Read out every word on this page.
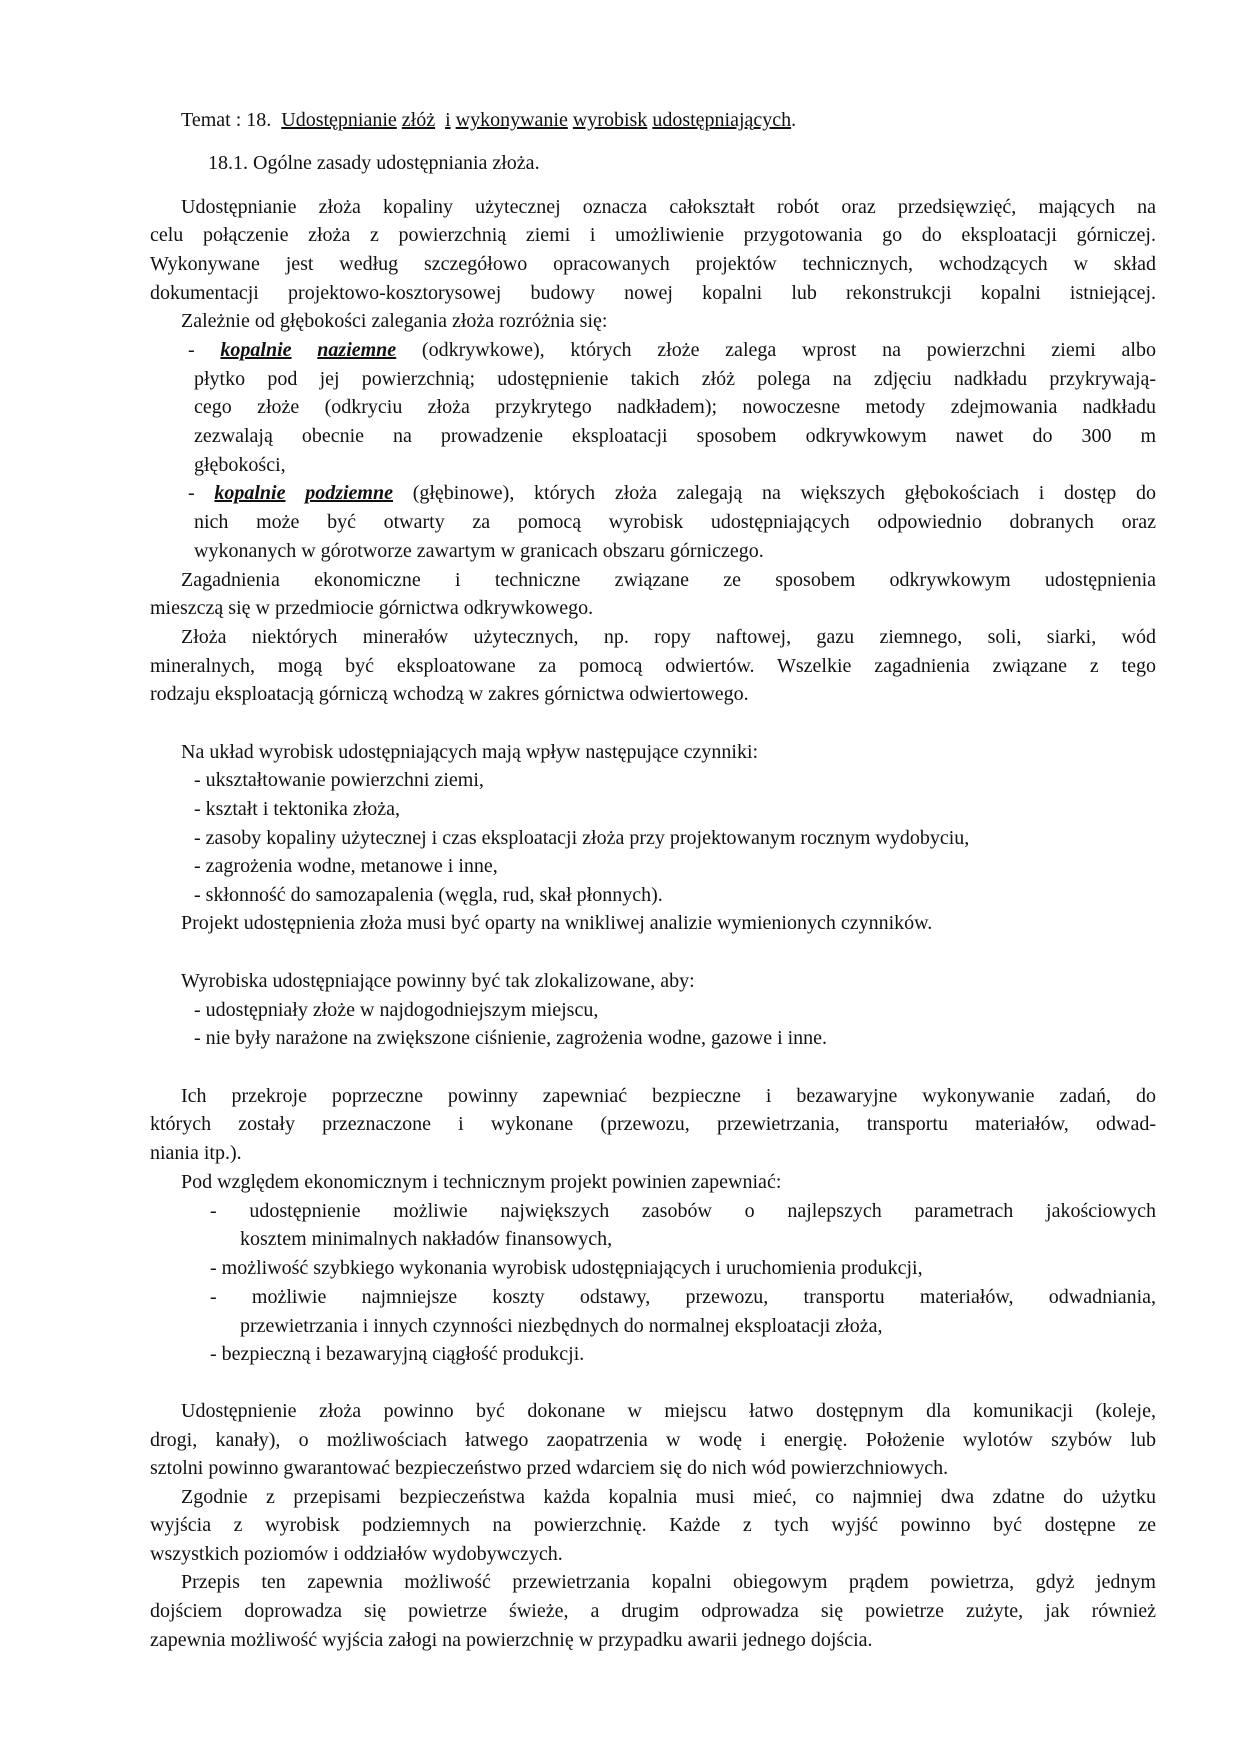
Temat : 18. Udostępnianie złóż i wykonywanie wyrobisk udostępniających.
18.1. Ogólne zasady udostępniania złoża.
- kopalnie naziemne (odkrywkowe), których złoże zalega wprost na powierzchni ziemi albo
- kopalnie podziemne (głębinowe), których złoża zalegają na większych głębokościach i dostęp do
Udostępnianie złoża kopaliny użytecznej oznacza całokształt robót oraz przedsięwzięć, mających na
celu połączenie złoża z powierzchnią ziemi i umożliwienie przygotowania go do eksploatacji górniczej.
Wykonywane jest według szczegółowo opracowanych projektów technicznych, wchodzących w skład
dokumentacji projektowo-kosztorysowej budowy nowej kopalni lub rekonstrukcji kopalni istniejącej.
Zależnie od głębokości zalegania złoża rozróżnia się:
płytko pod jej powierzchnią; udostępnienie takich złóż polega na zdjęciu nadkładu przykrywają-
cego złoże (odkryciu złoża przykrytego nadkładem); nowoczesne metody zdejmowania nadkładu
zezwalają obecnie na prowadzenie eksploatacji sposobem odkrywkowym nawet do 300 m
głębokości,
nich może być otwarty za pomocą wyrobisk udostępniających odpowiednio dobranych oraz
wykonanych w górotworze zawartym w granicach obszaru górniczego.
Zagadnienia ekonomiczne i techniczne związane ze sposobem odkrywkowym udostępnienia
mieszczą się w przedmiocie górnictwa odkrywkowego.
Złoża niektórych minerałów użytecznych, np. ropy naftowej, gazu ziemnego, soli, siarki, wód
mineralnych, mogą być eksploatowane za pomocą odwiertów. Wszelkie zagadnienia związane z tego
rodzaju eksploatacją górniczą wchodzą w zakres górnictwa odwiertowego.
Na układ wyrobisk udostępniających mają wpływ następujące czynniki:
- ukształtowanie powierzchni ziemi,
- kształt i tektonika złoża,
- zasoby kopaliny użytecznej i czas eksploatacji złoża przy projektowanym rocznym wydobyciu,
- zagrożenia wodne, metanowe i inne,
- skłonność do samozapalenia (węgla, rud, skał płonnych).
Projekt udostępnienia złoża musi być oparty na wnikliwej analizie wymienionych czynników.
Wyrobiska udostępniające powinny być tak zlokalizowane, aby:
- udostępniały złoże w najdogodniejszym miejscu,
- nie były narażone na zwiększone ciśnienie, zagrożenia wodne, gazowe i inne.
Ich przekroje poprzeczne powinny zapewniać bezpieczne i bezawaryjne wykonywanie zadań, do
których zostały przeznaczone i wykonane (przewozu, przewietrzania, transportu materiałów, odwad-
niania itp.).
Pod względem ekonomicznym i technicznym projekt powinien zapewniać:
- udostępnienie możliwie największych zasobów o najlepszych parametrach jakościowych
kosztem minimalnych nakładów finansowych,
- możliwość szybkiego wykonania wyrobisk udostępniających i uruchomienia produkcji,
- możliwie najmniejsze koszty odstawy, przewozu, transportu materiałów, odwadniania,
przewietrzania i innych czynności niezbędnych do normalnej eksploatacji złoża,
- bezpieczną i bezawaryjną ciągłość produkcji.
Udostępnienie złoża powinno być dokonane w miejscu łatwo dostępnym dla komunikacji (koleje,
drogi, kanały), o możliwościach łatwego zaopatrzenia w wodę i energię. Położenie wylotów szybów lub
sztolni powinno gwarantować bezpieczeństwo przed wdarciem się do nich wód powierzchniowych.
Zgodnie z przepisami bezpieczeństwa każda kopalnia musi mieć, co najmniej dwa zdatne do użytku
wyjścia z wyrobisk podziemnych na powierzchnię. Każde z tych wyjść powinno być dostępne ze
wszystkich poziomów i oddziałów wydobywczych.
Przepis ten zapewnia możliwość przewietrzania kopalni obiegowym prądem powietrza, gdyż jednym
dojściem doprowadza się powietrze świeże, a drugim odprowadza się powietrze zużyte, jak również
zapewnia możliwość wyjścia załogi na powierzchnię w przypadku awarii jednego dojścia.
